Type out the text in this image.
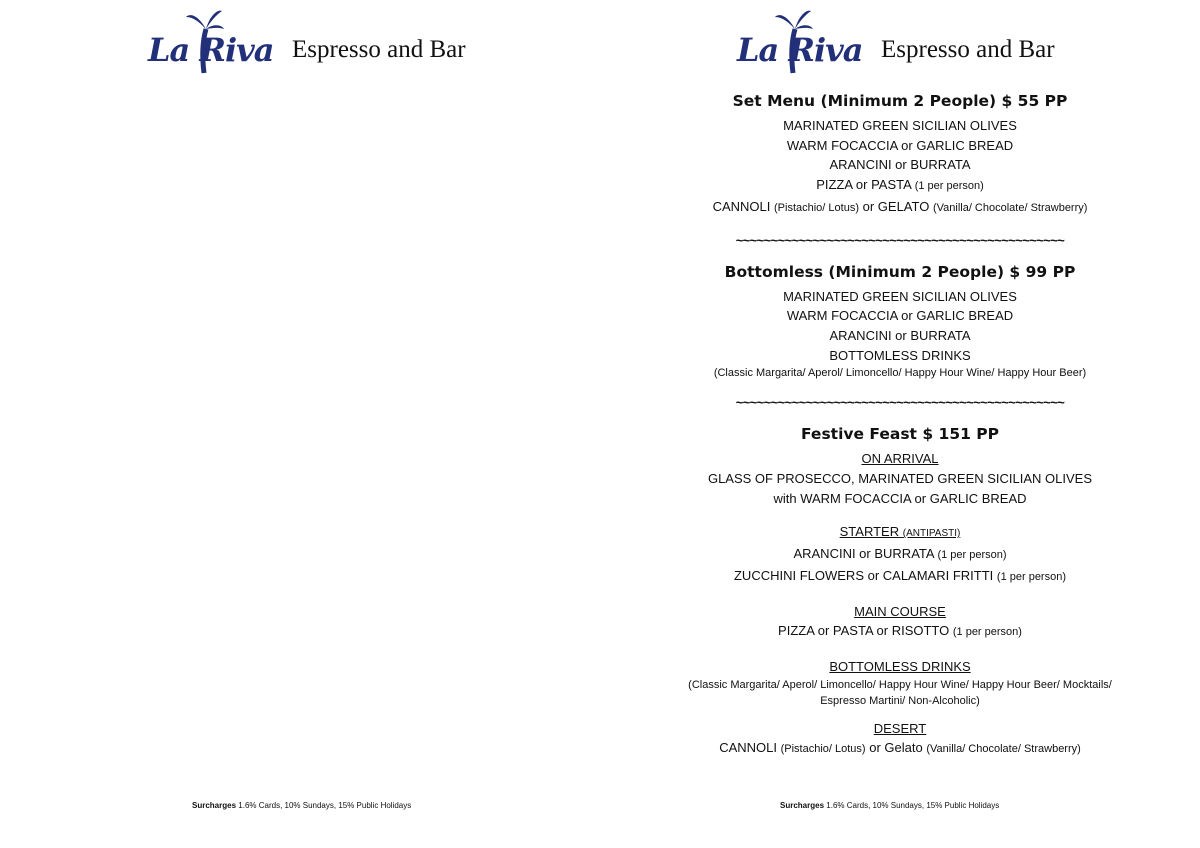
La Riva Espresso and Bar
Surcharges 1.6% Cards, 10% Sundays, 15% Public Holidays
La Riva Espresso and Bar
Set Menu (Minimum 2 People) $ 55 PP

MARINATED GREEN SICILIAN OLIVES

WARM FOCACCIA or GARLIC BREAD

ARANCINI or BURRATA

PIZZA or PASTA (1 per person)

CANNOLI (Pistachio/ Lotus) or GELATO (Vanilla/ Chocolate/ Strawberry)

~~~~~~~~~~~~~~~~~~~~~~~~~~~~~~~~~~~~~~~~~~~~~~~
Bottomless (Minimum 2 People) $ 99 PP

MARINATED GREEN SICILIAN OLIVES

WARM FOCACCIA or GARLIC BREAD

ARANCINI or BURRATA

BOTTOMLESS DRINKS

(Classic Margarita/ Aperol/ Limoncello/ Happy Hour Wine/ Happy Hour Beer)

~~~~~~~~~~~~~~~~~~~~~~~~~~~~~~~~~~~~~~~~~~~~~~~
Festive Feast $ 151 PP

ON ARRIVAL

GLASS OF PROSECCO, MARINATED GREEN SICILIAN OLIVES

with WARM FOCACCIA or GARLIC BREAD

STARTER (ANTIPASTI)

ARANCINI or BURRATA (1 per person)

ZUCCHINI FLOWERS or CALAMARI FRITTI (1 per person)

MAIN COURSE

PIZZA or PASTA or RISOTTO (1 per person)

BOTTOMLESS DRINKS

(Classic Margarita/ Aperol/ Limoncello/ Happy Hour Wine/ Happy Hour Beer/ Mocktails/

Espresso Martini/ Non-Alcoholic)

DESERT

CANNOLI (Pistachio/ Lotus) or Gelato (Vanilla/ Chocolate/ Strawberry)

Surcharges 1.6% Cards, 10% Sundays, 15% Public Holidays
